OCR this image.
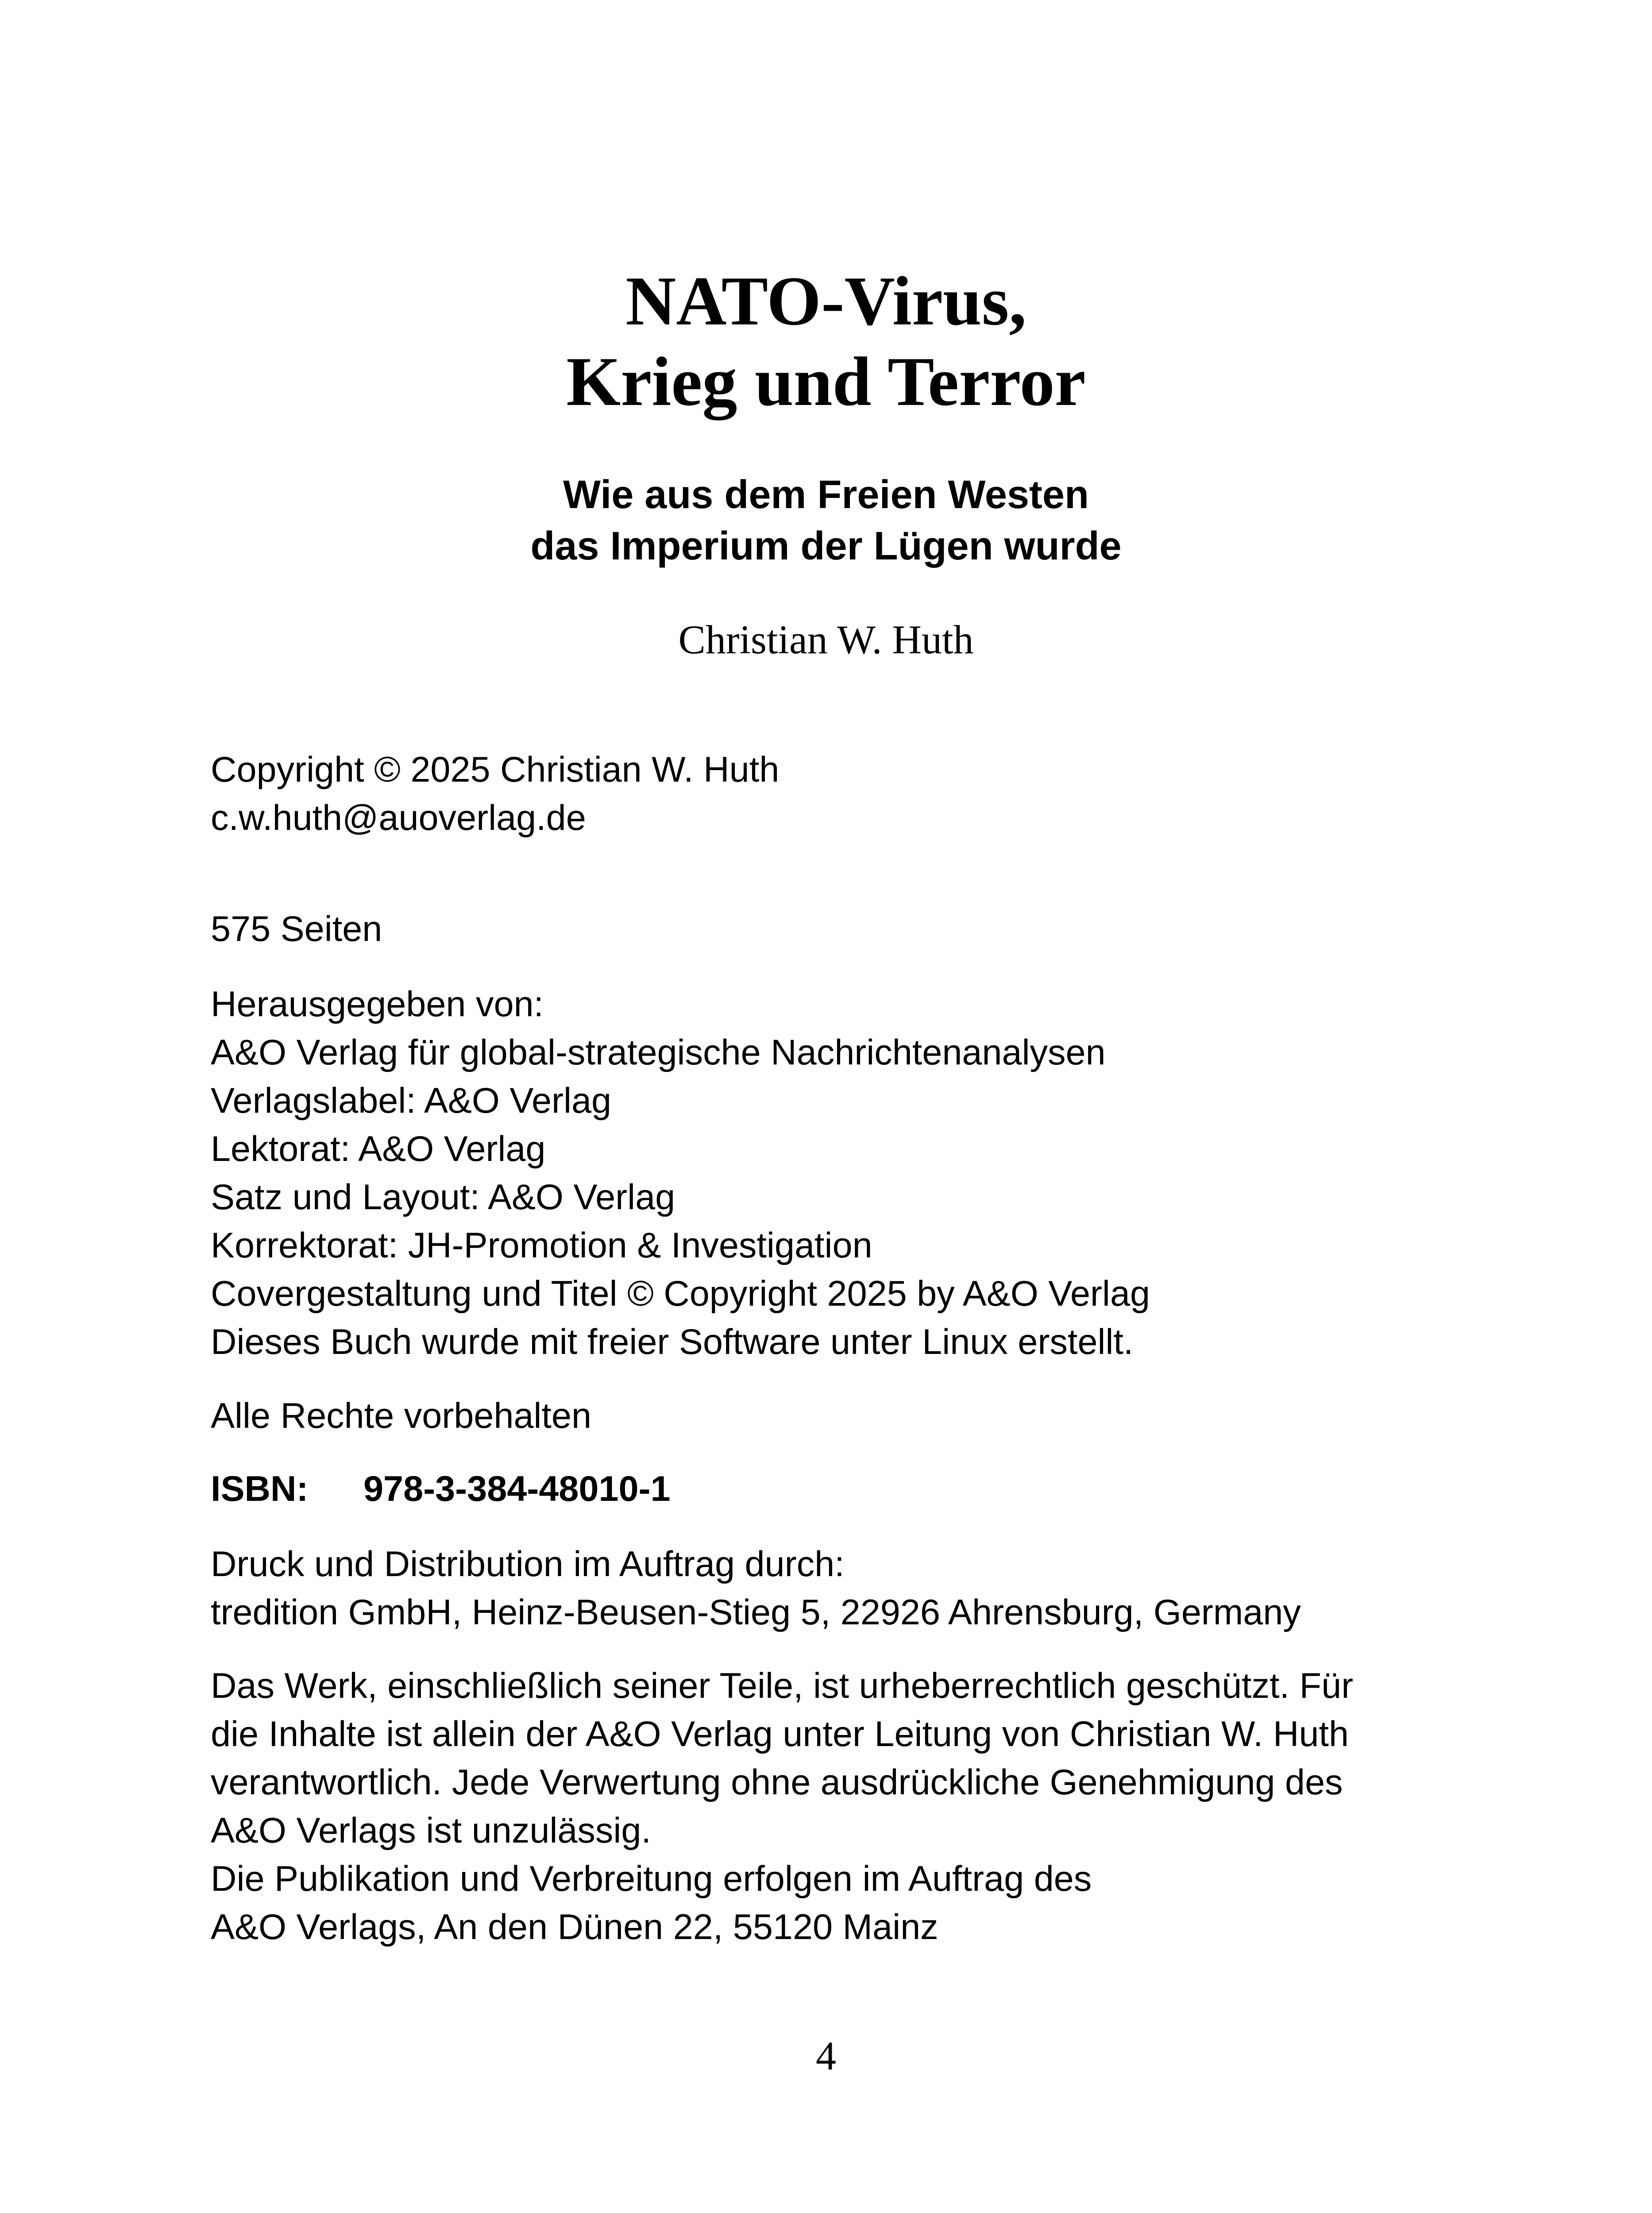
NATO-Virus,
Krieg und Terror
Wie aus dem Freien Westen
das Imperium der Lügen wurde

Christian W. Huth

Copyright © 2025 Christian W. Huth
c.w.huth@auoverlag.de
575 Seiten
Herausgegeben von:
A&O Verlag für global-strategische Nachrichtenanalysen
Verlagslabel: A&O Verlag
Lektorat: A&O Verlag
Satz und Layout: A&O Verlag
Korrektorat: JH-Promotion & Investigation
Covergestaltung und Titel © Copyright 2025 by A&O Verlag
Dieses Buch wurde mit freier Software unter Linux erstellt.
Alle Rechte vorbehalten
ISBN: 978-3-384-48010-1
Druck und Distribution im Auftrag durch:
tredition GmbH, Heinz-Beusen-Stieg 5, 22926 Ahrensburg, Germany
Das Werk, einschließlich seiner Teile, ist urheberrechtlich geschützt. Für
die Inhalte ist allein der A&O Verlag unter Leitung von Christian W. Huth
verantwortlich. Jede Verwertung ohne ausdrückliche Genehmigung des
A&O Verlags ist unzulässig.
Die Publikation und Verbreitung erfolgen im Auftrag des
A&O Verlags, An den Dünen 22, 55120 Mainz

4
